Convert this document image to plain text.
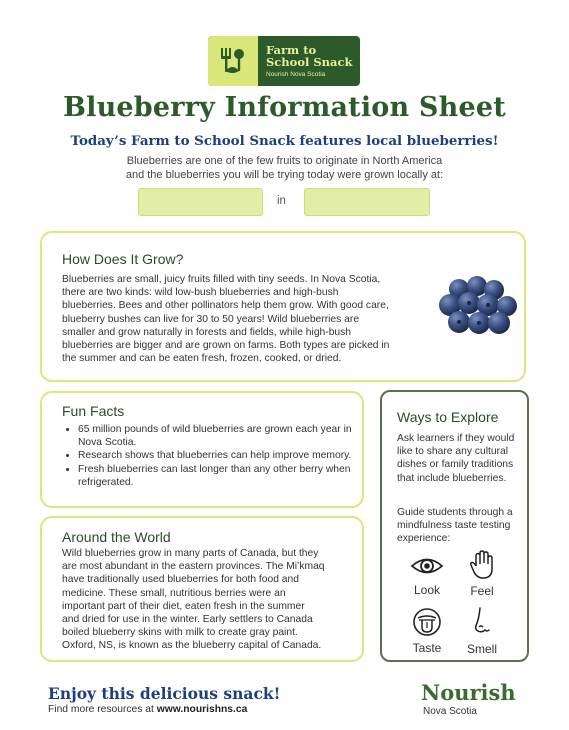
Farm to
School Snack
Nourish Nova Scotia
Blueberry Information Sheet
Today’s Farm to School Snack features local blueberries!
Blueberries are one of the few fruits to originate in North America
and the blueberries you will be trying today were grown locally at:
in
How Does It Grow?
Blueberries are small, juicy fruits filled with tiny seeds. In Nova Scotia,
there are two kinds: wild low-bush blueberries and high-bush
blueberries. Bees and other pollinators help them grow. With good care,
blueberry bushes can live for 30 to 50 years! Wild blueberries are
smaller and grow naturally in forests and fields, while high-bush
blueberries are bigger and are grown on farms. Both types are picked in
the summer and can be eaten fresh, frozen, cooked, or dried.
Fun Facts
• 65 million pounds of wild blueberries are grown each year in Nova Scotia.
• Research shows that blueberries can help improve memory.
• Fresh blueberries can last longer than any other berry when refrigerated.
Around the World
Wild blueberries grow in many parts of Canada, but they
are most abundant in the eastern provinces. The Mi’kmaq
have traditionally used blueberries for both food and
medicine. These small, nutritious berries were an
important part of their diet, eaten fresh in the summer
and dried for use in the winter. Early settlers to Canada
boiled blueberry skins with milk to create gray paint.
Oxford, NS, is known as the blueberry capital of Canada.
Ways to Explore
Ask learners if they would like to share any cultural dishes or family traditions that include blueberries.
Guide students through a mindfulness taste testing experience:
Look	Feel
Taste	Smell
Enjoy this delicious snack!
Find more resources at www.nourishns.ca
Nourish
Nova Scotia
